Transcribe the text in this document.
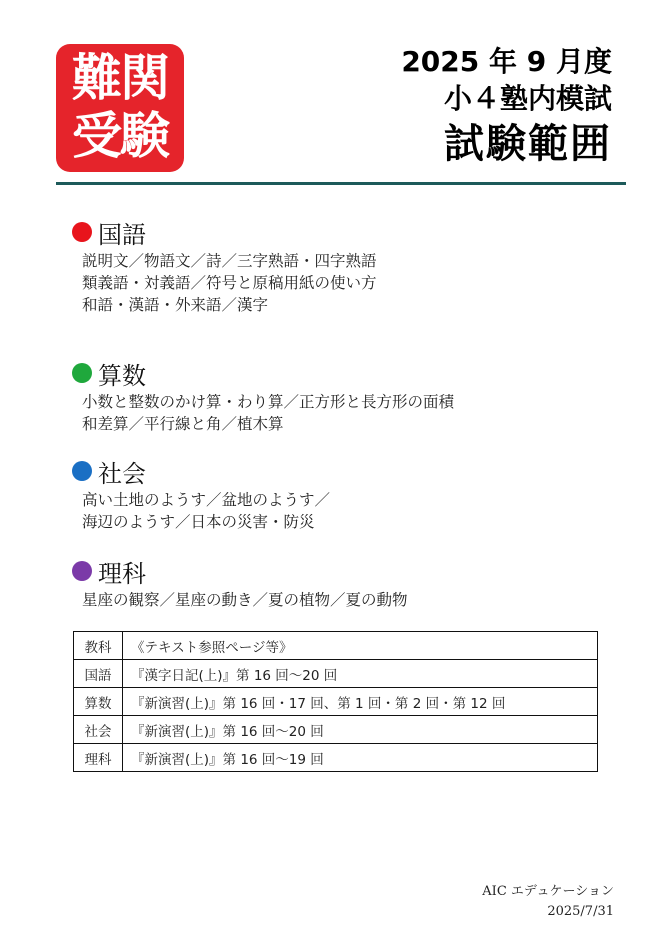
難関
受験
2025 年 9 月度
小４塾内模試
試験範囲
国語
説明文／物語文／詩／三字熟語・四字熟語
類義語・対義語／符号と原稿用紙の使い方
和語・漢語・外来語／漢字
算数
小数と整数のかけ算・わり算／正方形と長方形の面積
和差算／平行線と角／植木算
社会
高い土地のようす／盆地のようす／
海辺のようす／日本の災害・防災
理科
星座の観察／星座の動き／夏の植物／夏の動物
教科	《テキスト参照ページ等》
国語	『漢字日記(上)』第 16 回～20 回
算数	『新演習(上)』第 16 回・17 回、第 1 回・第 2 回・第 12 回
社会	『新演習(上)』第 16 回～20 回
理科	『新演習(上)』第 16 回～19 回
AIC エデュケーション
2025/7/31
